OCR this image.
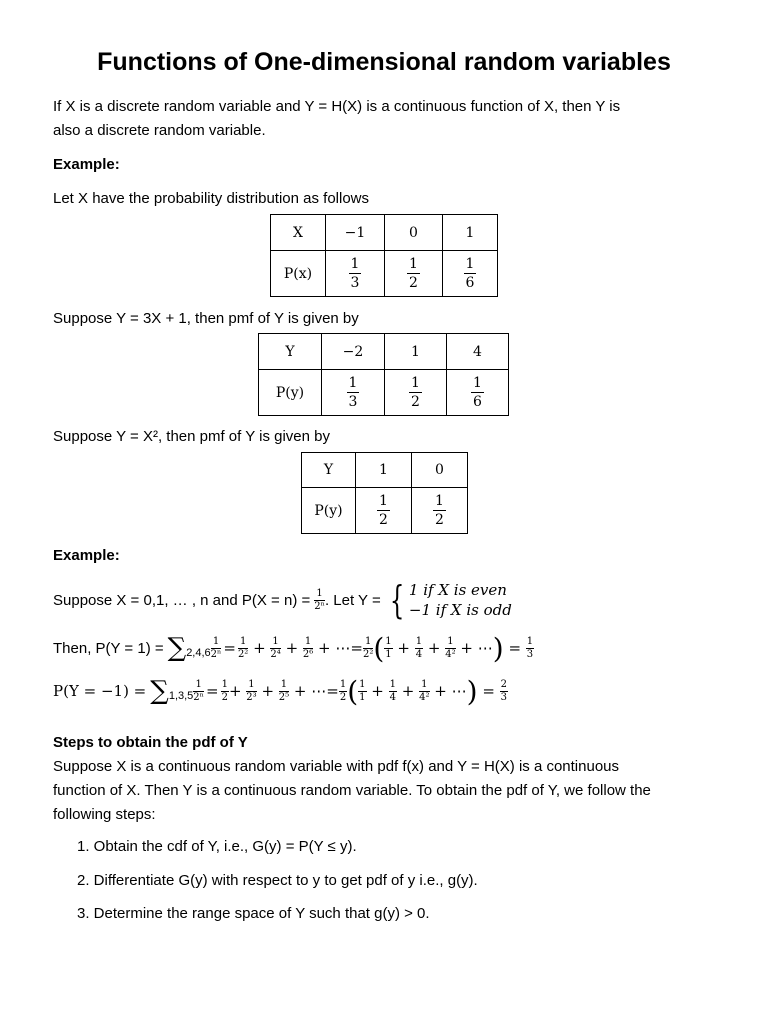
Functions of One-dimensional random variables
If X is a discrete random variable and Y = H(X) is a continuous function of X, then Y is
also a discrete random variable.
Example:
Let X have the probability distribution as follows
X	−1	0	1
P(x)	$\frac{1}{3}$	$\frac{1}{2}$	$\frac{1}{6}$
Suppose Y = 3X + 1, then pmf of Y is given by
Y	−2	1	4
P(y)	$\frac{1}{3}$	$\frac{1}{2}$	$\frac{1}{6}$
Suppose Y = X², then pmf of Y is given by
Y	1	0
P(y)	$\frac{1}{2}$	$\frac{1}{2}$
Example:
Suppose X = 0,1, … , n and $P(X = n) = \frac{1}{\text{2ⁿ}}$ . Let Y = { 1 if X is even
−1 if X is odd
Then, P(Y = 1) = ∑ $2,4,6 \frac{1}{\text{2ⁿ}} = \frac{1}{\text{2²}} + \frac{1}{\text{2⁴}} + \frac{1}{\text{2⁶}}$ + ⋯= $\frac{1}{\text{2²}}$ ( $\frac{1}{1} + \frac{1}{4} + \frac{1}{\text{4²}}$ + ⋯ ) = $\frac{1}{3}$
P(Y = −1) = ∑ $1,3,5 \frac{1}{\text{2ⁿ}} = \frac{1}{2} + \frac{1}{\text{2³}} + \frac{1}{\text{2⁵}}$ + ⋯= $\frac{1}{2}$ ( $\frac{1}{1} + \frac{1}{4} + \frac{1}{\text{4²}}$ + ⋯ ) = $\frac{2}{3}$
Steps to obtain the pdf of Y
Suppose X is a continuous random variable with pdf f(x) and Y = H(X) is a continuous
function of X. Then Y is a continuous random variable. To obtain the pdf of Y, we follow the
following steps:
1. Obtain the cdf of Y, i.e., G(y) = P(Y ≤ y).
2. Differentiate G(y) with respect to y to get pdf of y i.e., g(y).
3. Determine the range space of Y such that g(y) > 0.
